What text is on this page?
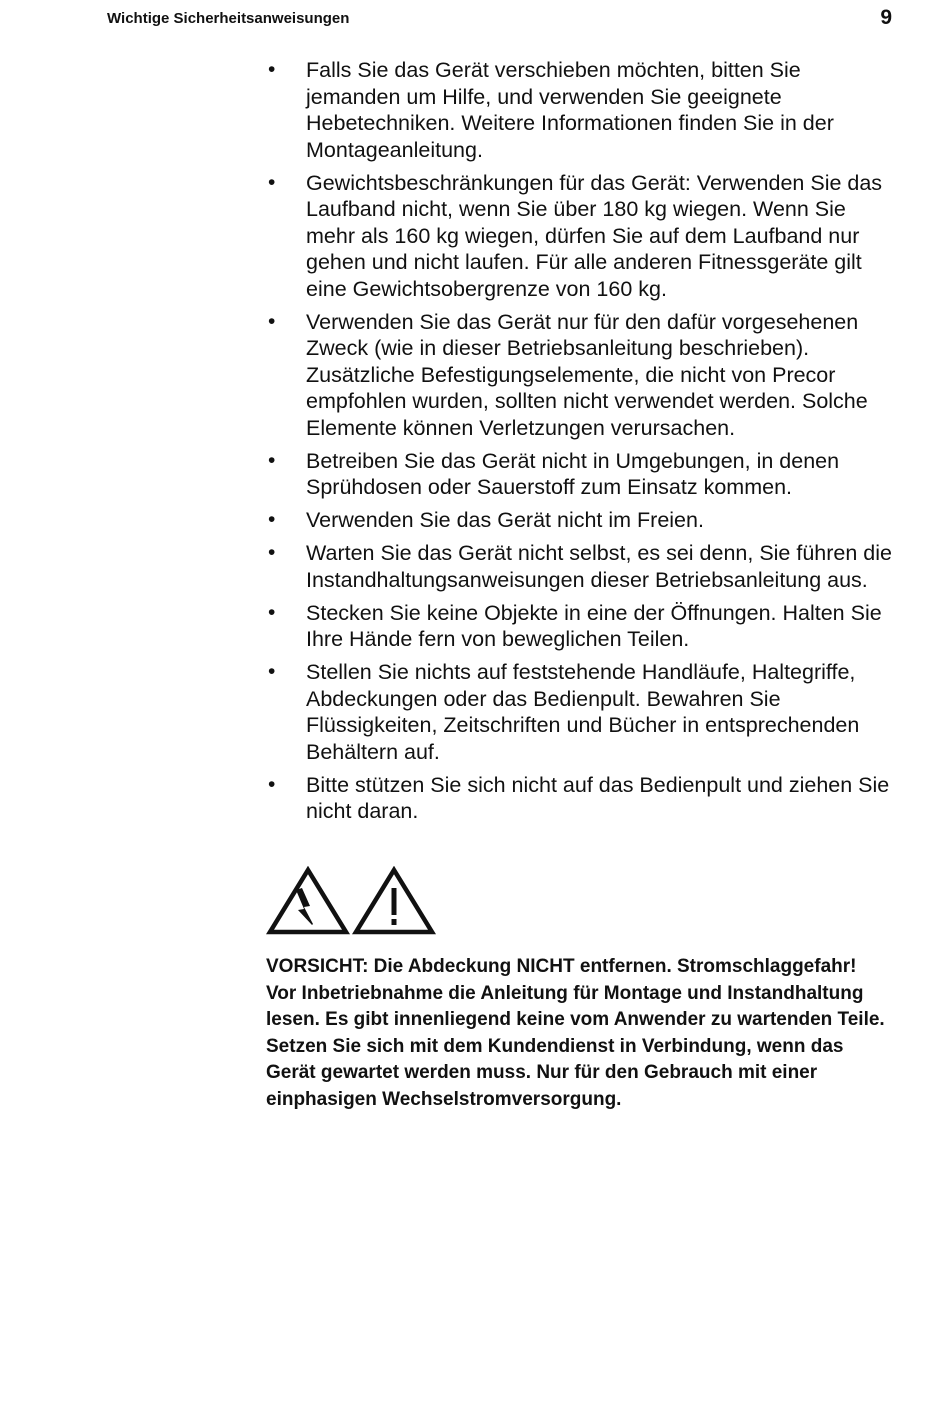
Wichtige Sicherheitsanweisungen	9
• Falls Sie das Gerät verschieben möchten, bitten Sie jemanden um Hilfe, und verwenden Sie geeignete Hebetechniken. Weitere Informationen finden Sie in der Montageanleitung.
• Gewichtsbeschränkungen für das Gerät: Verwenden Sie das Laufband nicht, wenn Sie über 180 kg wiegen. Wenn Sie mehr als 160 kg wiegen, dürfen Sie auf dem Laufband nur gehen und nicht laufen. Für alle anderen Fitnessgeräte gilt eine Gewichtsobergrenze von 160 kg.
• Verwenden Sie das Gerät nur für den dafür vorgesehenen Zweck (wie in dieser Betriebsanleitung beschrieben). Zusätzliche Befestigungselemente, die nicht von Precor empfohlen wurden, sollten nicht verwendet werden. Solche Elemente können Verletzungen verursachen.
• Betreiben Sie das Gerät nicht in Umgebungen, in denen Sprühdosen oder Sauerstoff zum Einsatz kommen.
• Verwenden Sie das Gerät nicht im Freien.
• Warten Sie das Gerät nicht selbst, es sei denn, Sie führen die Instandhaltungsanweisungen dieser Betriebsanleitung aus.
• Stecken Sie keine Objekte in eine der Öffnungen. Halten Sie Ihre Hände fern von beweglichen Teilen.
• Stellen Sie nichts auf feststehende Handläufe, Haltegriffe, Abdeckungen oder das Bedienpult. Bewahren Sie Flüssigkeiten, Zeitschriften und Bücher in entsprechenden Behältern auf.
• Bitte stützen Sie sich nicht auf das Bedienpult und ziehen Sie nicht daran.
VORSICHT: Die Abdeckung NICHT entfernen. Stromschlaggefahr! Vor Inbetriebnahme die Anleitung für Montage und Instandhaltung lesen. Es gibt innenliegend keine vom Anwender zu wartenden Teile. Setzen Sie sich mit dem Kundendienst in Verbindung, wenn das Gerät gewartet werden muss. Nur für den Gebrauch mit einer einphasigen Wechselstromversorgung.
